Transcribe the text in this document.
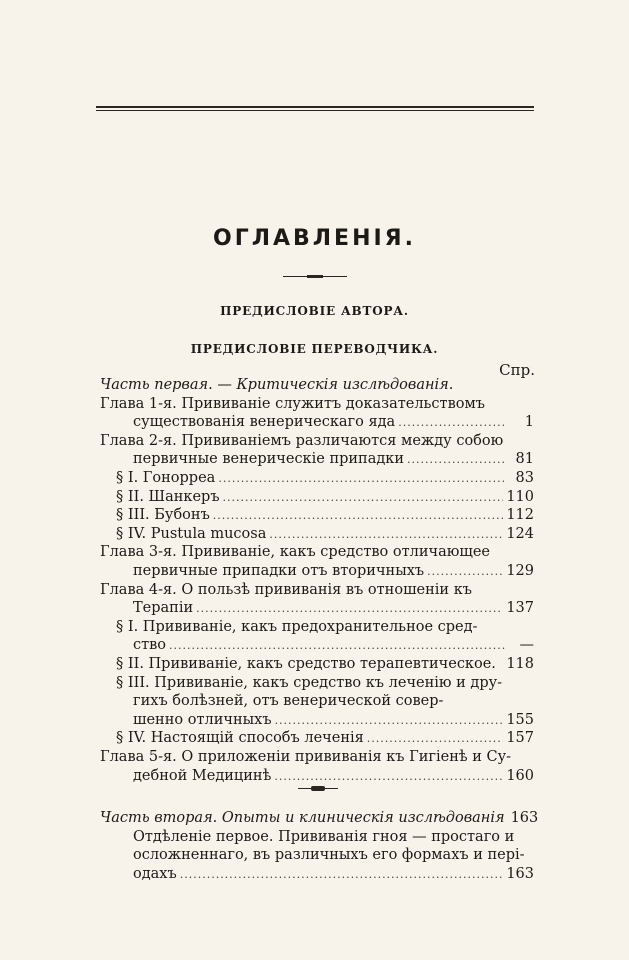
ОГЛАВЛЕНІЯ.
ПРЕДИСЛОВІЕ АВТОРА.
ПРЕДИСЛОВІЕ ПЕРЕВОДЧИКА.
Спр.
Часть первая. — Критическія изслѣдованія.
Глава 1-я. Прививаніе служитъ доказательствомъ
существованія венерическаго яда .....	1
Глава 2-я. Прививаніемъ различаются между собою
первичные венерическіе припадки .....	81
§ I. Гонорреа .....	83
§ II. Шанкеръ .....	110
§ III. Бубонъ .....	112
§ IV. Pustula mucosa .....	124
Глава 3-я. Прививаніе, какъ средство отличающее
первичные припадки отъ вторичныхъ .....	129
Глава 4-я. О пользѣ прививанія въ отношеніи къ
Терапіи .....	137
§ I. Прививаніе, какъ предохранительное сред-
ство .....	—
§ II. Прививаніе, какъ средство терапевтическое. 118
§ III. Прививаніе, какъ средство къ леченію и дру-
гихъ болѣзней, отъ венерической совер-
шенно отличныхъ .....	155
§ IV. Настоящій способъ леченія .....	157
Глава 5-я. О приложеніи прививанія къ Гигіенѣ и Су-
дебной Медицинѣ .....	160
Часть вторая. Опыты и клиническія изслѣдованія 163
Отдѣленіе первое. Прививанія гноя — простаго и
осложненнаго, въ различныхъ его формахъ и пері-
одахъ .....	163
